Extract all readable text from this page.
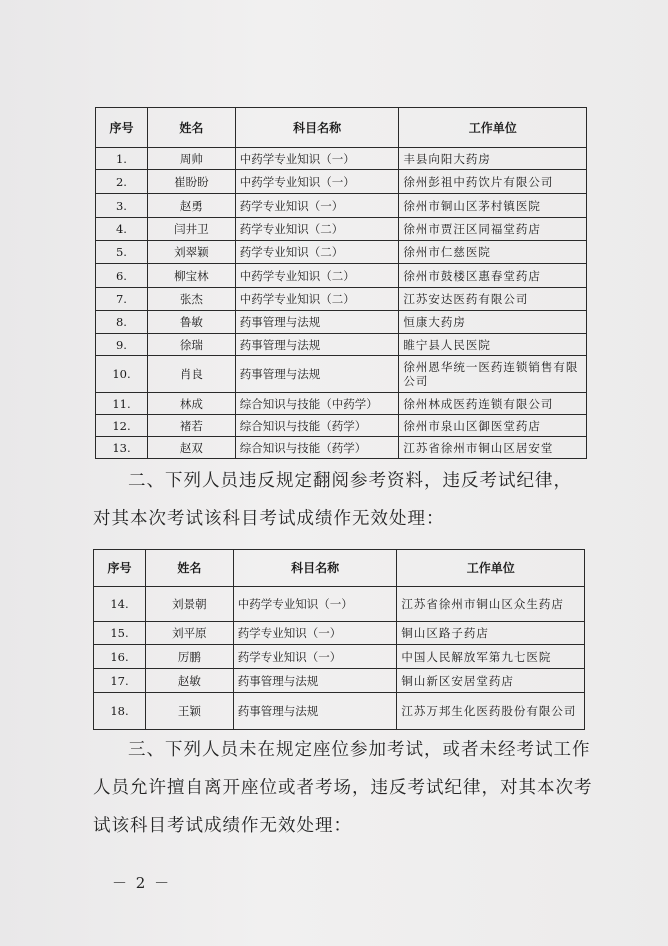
序号	姓名	科目名称	工作单位
1.	周帅	中药学专业知识（一）	丰县向阳大药房
2.	崔盼盼	中药学专业知识（一）	徐州彭祖中药饮片有限公司
3.	赵勇	药学专业知识（一）	徐州市铜山区茅村镇医院
4.	闫井卫	药学专业知识（二）	徐州市贾汪区同福堂药店
5.	刘翠颖	药学专业知识（二）	徐州市仁慈医院
6.	柳宝林	中药学专业知识（二）	徐州市鼓楼区惠春堂药店
7.	张杰	中药学专业知识（二）	江苏安达医药有限公司
8.	鲁敏	药事管理与法规	恒康大药房
9.	徐瑞	药事管理与法规	睢宁县人民医院
10.	肖良	药事管理与法规	徐州恩华统一医药连锁销售有限公司
11.	林成	综合知识与技能（中药学）	徐州林成医药连锁有限公司
12.	褚若	综合知识与技能（药学）	徐州市泉山区御医堂药店
13.	赵双	综合知识与技能（药学）	江苏省徐州市铜山区居安堂

二、下列人员违反规定翻阅参考资料，违反考试纪律，

对其本次考试该科目考试成绩作无效处理：

序号	姓名	科目名称	工作单位
14.	刘景朝	中药学专业知识（一）	江苏省徐州市铜山区众生药店
15.	刘平原	药学专业知识（一）	铜山区路子药店
16.	厉鹏	药学专业知识（一）	中国人民解放军第九七医院
17.	赵敏	药事管理与法规	铜山新区安居堂药店
18.	王颖	药事管理与法规	江苏万邦生化医药股份有限公司

三、下列人员未在规定座位参加考试，或者未经考试工作

人员允许擅自离开座位或者考场，违反考试纪律，对其本次考

试该科目考试成绩作无效处理：

－ 2 －
